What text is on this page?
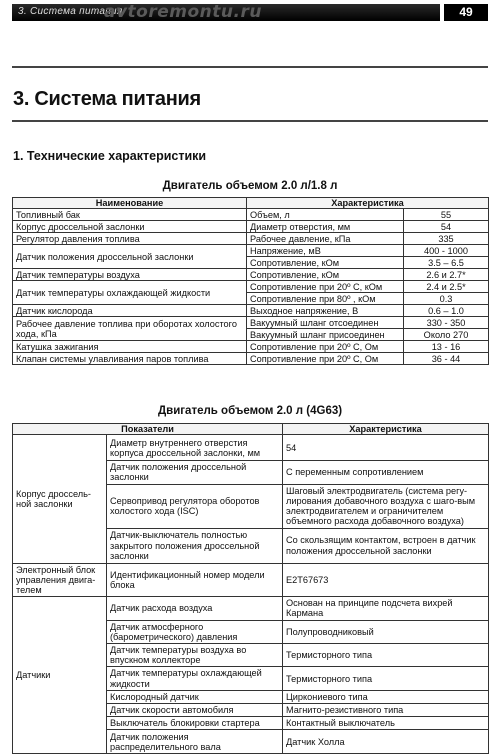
3. Система питания
avtoremontu.ru	49
3. Система питания
1. Технические характеристики
Двигатель объемом 2.0 л/1.8 л
Наименование	Характеристика	
Топливный бак	Объем, л	55
Корпус дроссельной заслонки	Диаметр отверстия, мм	54
Регулятор давления топлива	Рабочее давление, кПа	335
Датчик положения дроссельной заслонки	Напряжение, мВ	400 - 1000
	Сопротивление, кОм	3.5 – 6.5
Датчик температуры воздуха	Сопротивление, кОм	2.6 и 2.7*
Датчик температуры охлаждающей жидкости	Сопротивление при 20º С, кОм	2.4 и 2.5*
	Сопротивление при 80º , кОм	0.3
Датчик кислорода	Выходное напряжение, В	0.6 – 1.0
Рабочее давление топлива при оборотах холостого хода, кПа	Вакуумный шланг отсоединен	330 - 350
	Вакуумный шланг присоединен	Около 270
Катушка зажигания	Сопротивление при 20º С, Ом	13 - 16
Клапан системы улавливания паров топлива	Сопротивление при 20º С, Ом	36 - 44
Двигатель объемом 2.0 л (4G63)
Показатели		Характеристика
Корпус дроссель-ной заслонки	Диаметр внутреннего отверстия корпуса дроссельной заслонки, мм	54
	Датчик положения дроссельной заслонки	С переменным сопротивлением
	Сервопривод регулятора оборотов холостого хода (ISC)	Шаговый электродвигатель (система регу-лирования добавочного воздуха с шаго-вым электродвигателем и ограничителем объемного расхода добавочного воздуха)
	Датчик-выключатель полностью закрытого положения дроссельной заслонки	Со скользящим контактом, встроен в датчик положения дроссельной заслонки
Электронный блок управления двига-телем	Идентификационный номер модели блока	E2T67673
Датчики	Датчик расхода воздуха	Основан на принципе подсчета вихрей Кармана
	Датчик атмосферного (барометрического) давления	Полупроводниковый
	Датчик температуры воздуха во впускном коллекторе	Термисторного типа
	Датчик температуры охлаждающей жидкости	Термисторного типа
	Кислородный датчик	Циркониевого типа
	Датчик скорости автомобиля	Магнито-резистивного типа
	Выключатель блокировки стартера	Контактный выключатель
	Датчик положения распределительного вала	Датчик Холла
